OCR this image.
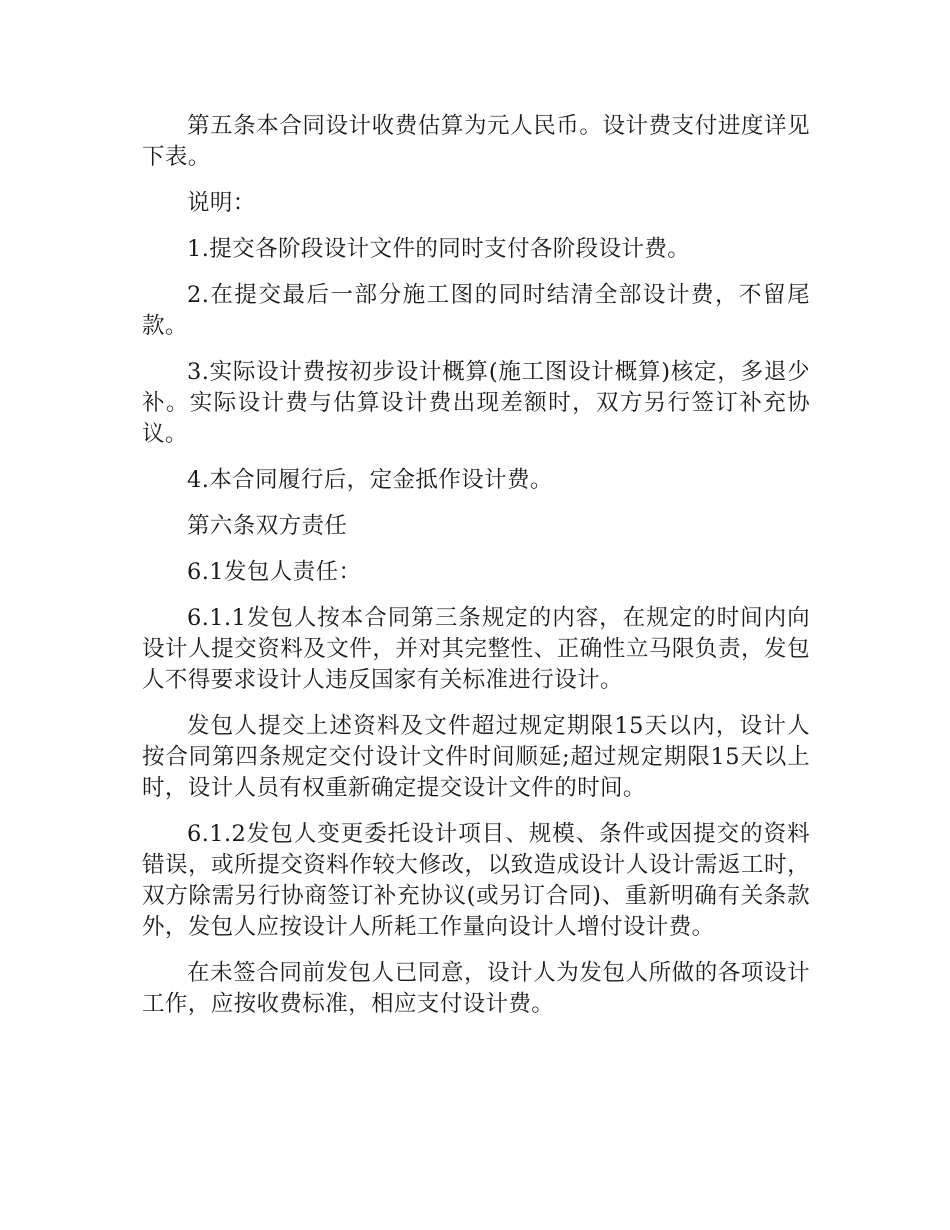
第五条本合同设计收费估算为元人民币。设计费支付进度详见下表。

说明：

1.提交各阶段设计文件的同时支付各阶段设计费。

2.在提交最后一部分施工图的同时结清全部设计费，不留尾款。

3.实际设计费按初步设计概算(施工图设计概算)核定，多退少补。实际设计费与估算设计费出现差额时，双方另行签订补充协议。

4.本合同履行后，定金抵作设计费。

第六条双方责任

6.1发包人责任：

6.1.1发包人按本合同第三条规定的内容，在规定的时间内向设计人提交资料及文件，并对其完整性、正确性立马限负责，发包人不得要求设计人违反国家有关标准进行设计。

发包人提交上述资料及文件超过规定期限15天以内，设计人按合同第四条规定交付设计文件时间顺延;超过规定期限15天以上时，设计人员有权重新确定提交设计文件的时间。

6.1.2发包人变更委托设计项目、规模、条件或因提交的资料错误，或所提交资料作较大修改，以致造成设计人设计需返工时，双方除需另行协商签订补充协议(或另订合同)、重新明确有关条款外，发包人应按设计人所耗工作量向设计人增付设计费。

在未签合同前发包人已同意，设计人为发包人所做的各项设计工作，应按收费标准，相应支付设计费。
